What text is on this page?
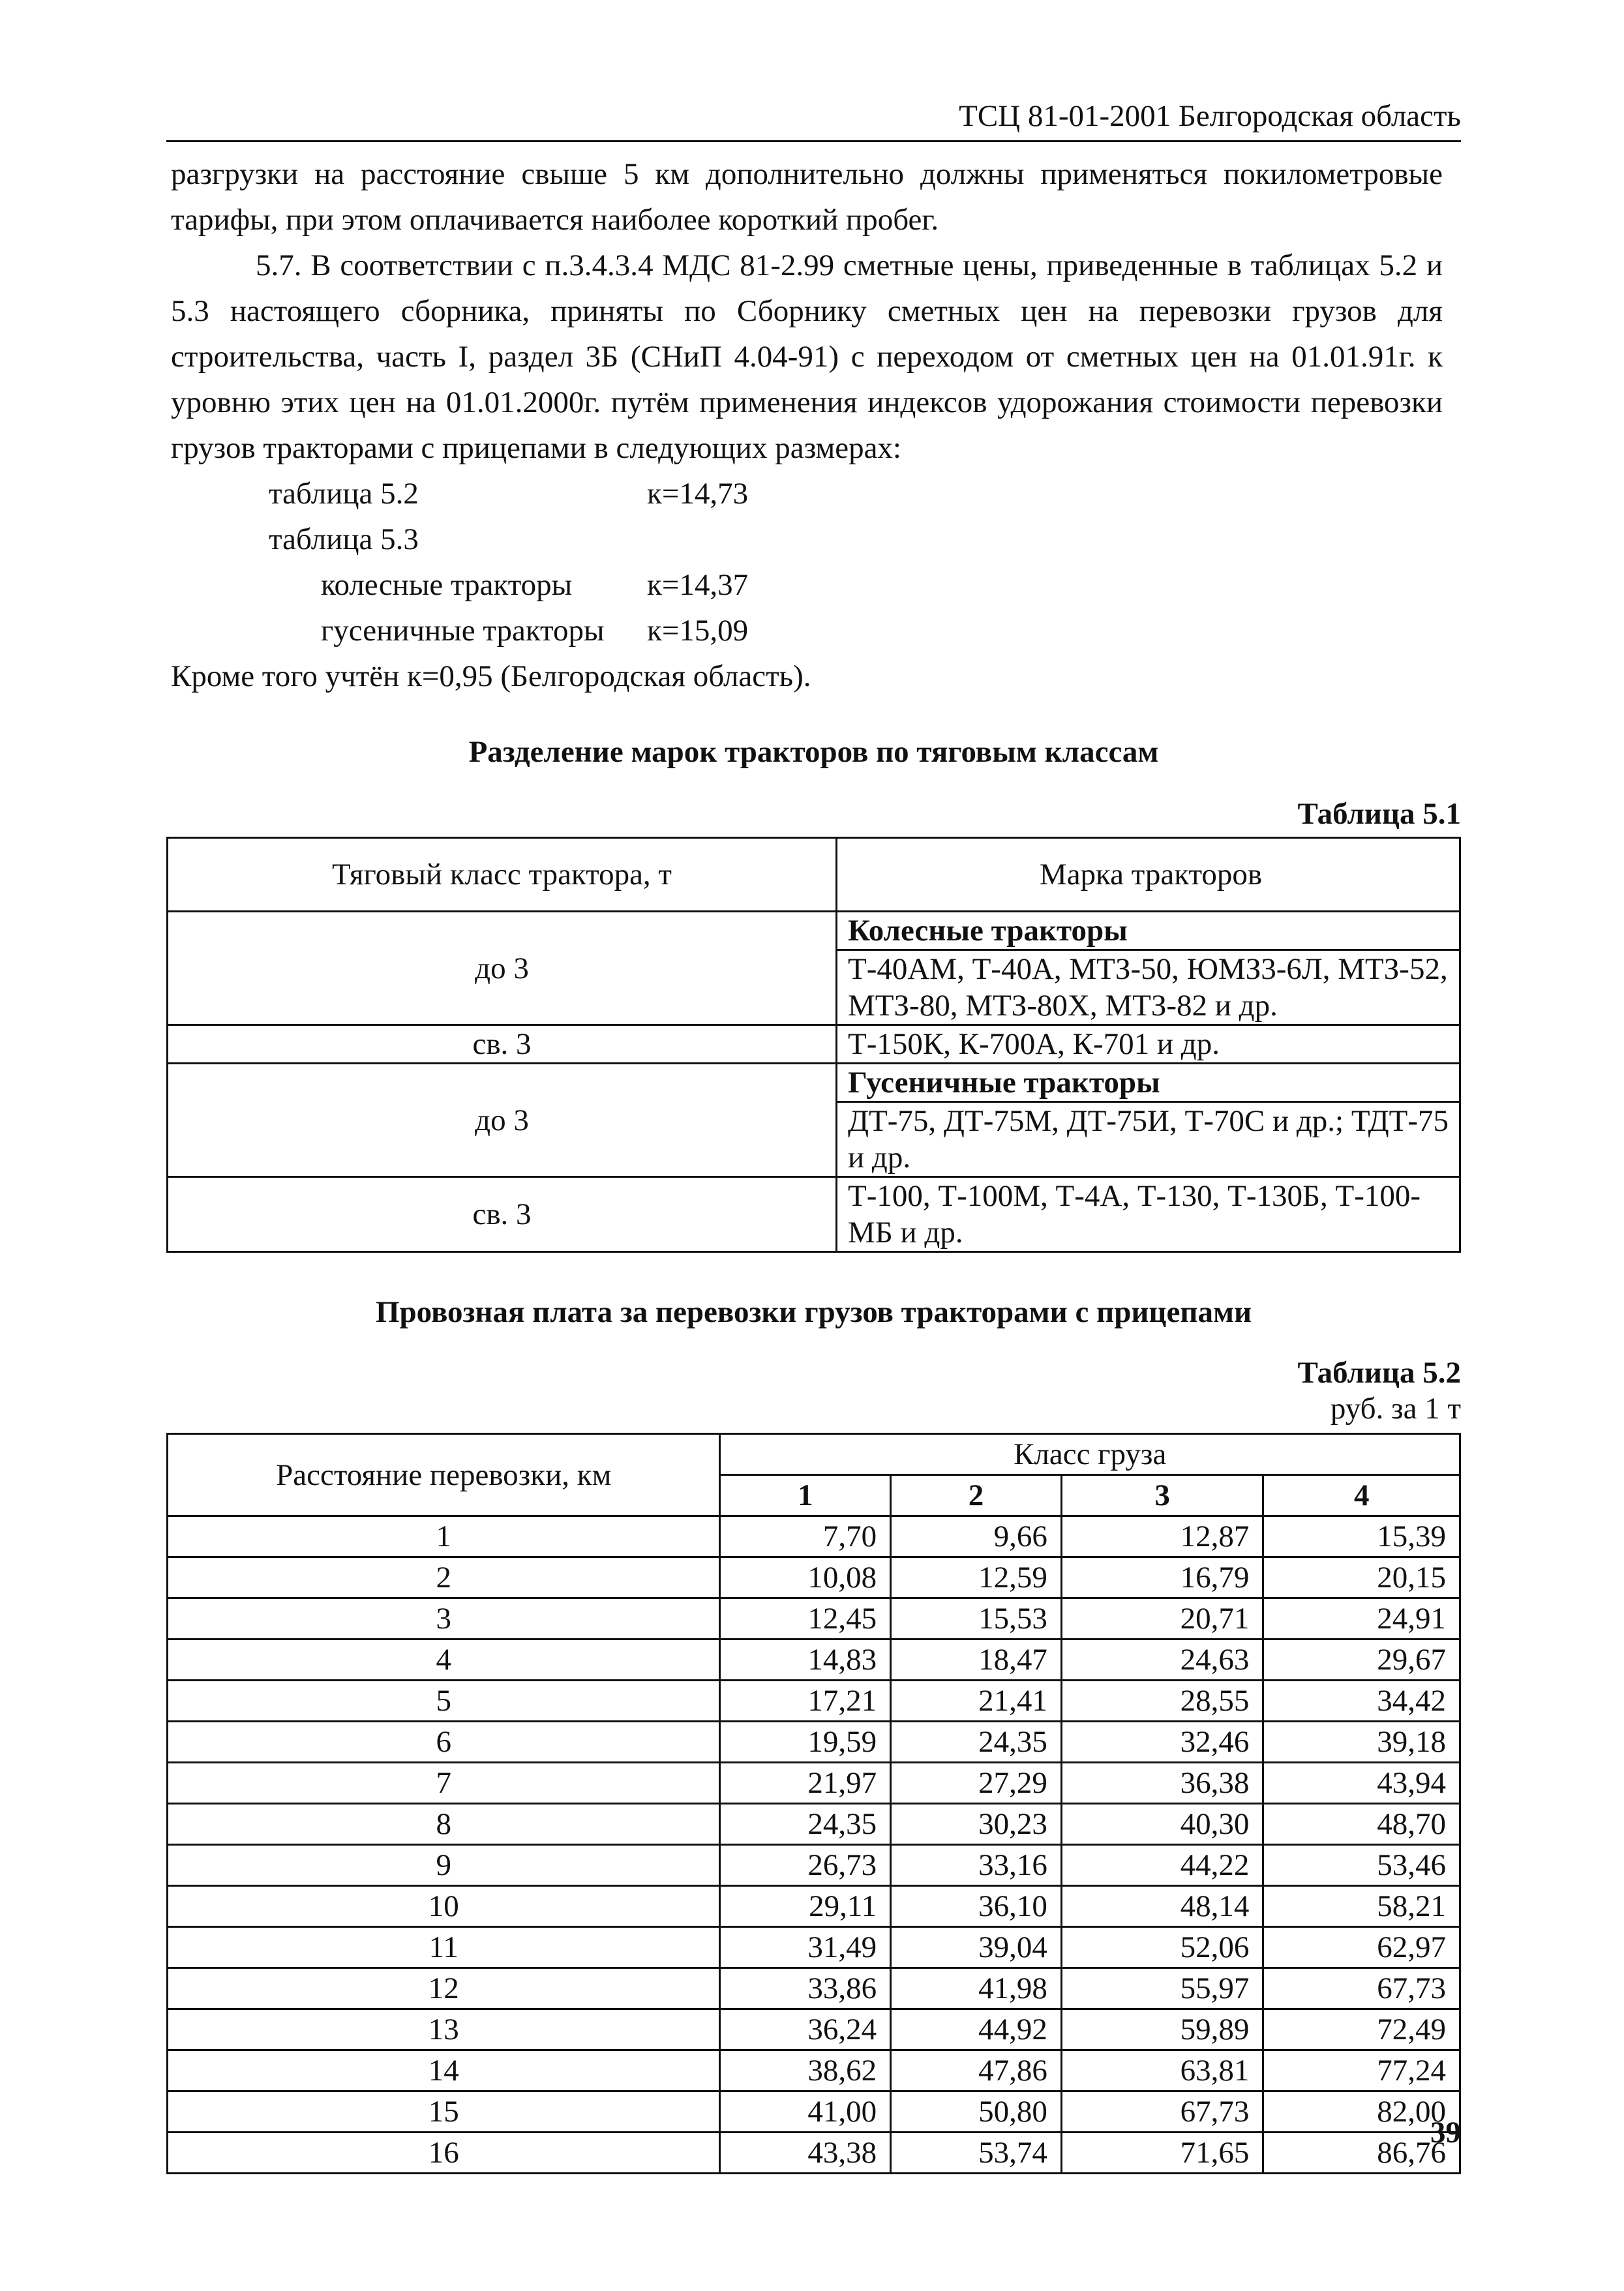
ТСЦ 81-01-2001 Белгородская область

разгрузки на расстояние свыше 5 км дополнительно должны применяться покилометровые тарифы, при этом оплачивается наиболее короткий пробег.

5.7. В соответствии с п.3.4.3.4 МДС 81-2.99 сметные цены, приведенные в таблицах 5.2 и 5.3 настоящего сборника, приняты по Сборнику сметных цен на перевозки грузов для строительства, часть I, раздел 3Б (СНиП 4.04-91) с переходом от сметных цен на 01.01.91г. к уровню этих цен на 01.01.2000г. путём применения индексов удорожания стоимости перевозки грузов тракторами с прицепами в следующих размерах:

таблица 5.2	к=14,73
таблица 5.3
колесные тракторы	к=14,37
гусеничные тракторы	к=15,09
Кроме того учтён к=0,95 (Белгородская область).
Разделение марок тракторов по тяговым классам
Таблица 5.1
Тяговый класс трактора, т	Марка тракторов
до 3	Колесные тракторы
	Т-40АМ, Т-40А, МТЗ-50, ЮМЗ3-6Л, МТЗ-52, МТЗ-80, МТЗ-80Х, МТЗ-82 и др.
св. 3	Т-150К, К-700А, К-701 и др.
до 3	Гусеничные тракторы
	ДТ-75, ДТ-75М, ДТ-75И, Т-70С и др.; ТДТ-75 и др.
св. 3	Т-100, Т-100М, Т-4А, Т-130, Т-130Б, Т-100-МБ и др.
Провозная плата за перевозки грузов тракторами с прицепами
Таблица 5.2
руб. за 1 т
Расстояние перевозки, км	Класс груза			
	1	2	3	4
1	7,70	9,66	12,87	15,39
2	10,08	12,59	16,79	20,15
3	12,45	15,53	20,71	24,91
4	14,83	18,47	24,63	29,67
5	17,21	21,41	28,55	34,42
6	19,59	24,35	32,46	39,18
7	21,97	27,29	36,38	43,94
8	24,35	30,23	40,30	48,70
9	26,73	33,16	44,22	53,46
10	29,11	36,10	48,14	58,21
11	31,49	39,04	52,06	62,97
12	33,86	41,98	55,97	67,73
13	36,24	44,92	59,89	72,49
14	38,62	47,86	63,81	77,24
15	41,00	50,80	67,73	82,00
16	43,38	53,74	71,65	86,76
39
